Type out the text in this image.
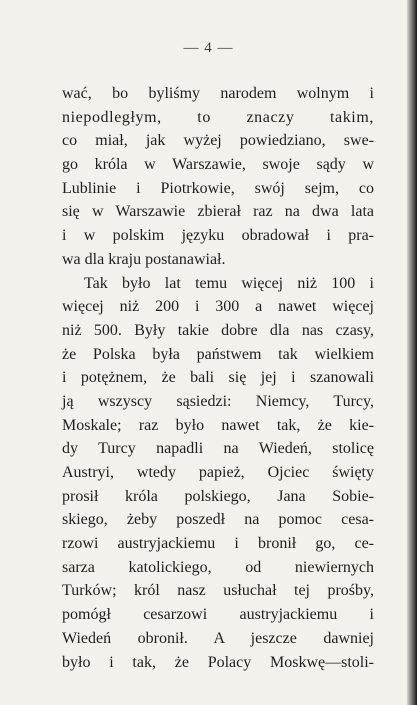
— 4 —
wać, bo byliśmy narodem wolnym i
niepodległym, to znaczy takim,
co miał, jak wyżej powiedziano, swe-
go króla w Warszawie, swoje sądy w
Lublinie i Piotrkowie, swój sejm, co
się w Warszawie zbierał raz na dwa lata
i w polskim języku obradował i pra-
wa dla kraju postanawiał.
Tak było lat temu więcej niż 100 i
więcej niż 200 i 300 a nawet więcej
niż 500. Były takie dobre dla nas czasy,
że Polska była państwem tak wielkiem
i potężnem, że bali się jej i szanowali
ją wszyscy sąsiedzi: Niemcy, Turcy,
Moskale; raz było nawet tak, że kie-
dy Turcy napadli na Wiedeń, stolicę
Austryi, wtedy papież, Ojciec święty
prosił króla polskiego, Jana Sobie-
skiego, żeby poszedł na pomoc cesa-
rzowi austryjackiemu i bronił go, ce-
sarza katolickiego, od niewiernych
Turków; król nasz usłuchał tej prośby,
pomógł cesarzowi austryjackiemu i
Wiedeń obronił. A jeszcze dawniej
było i tak, że Polacy Moskwę—stoli-
